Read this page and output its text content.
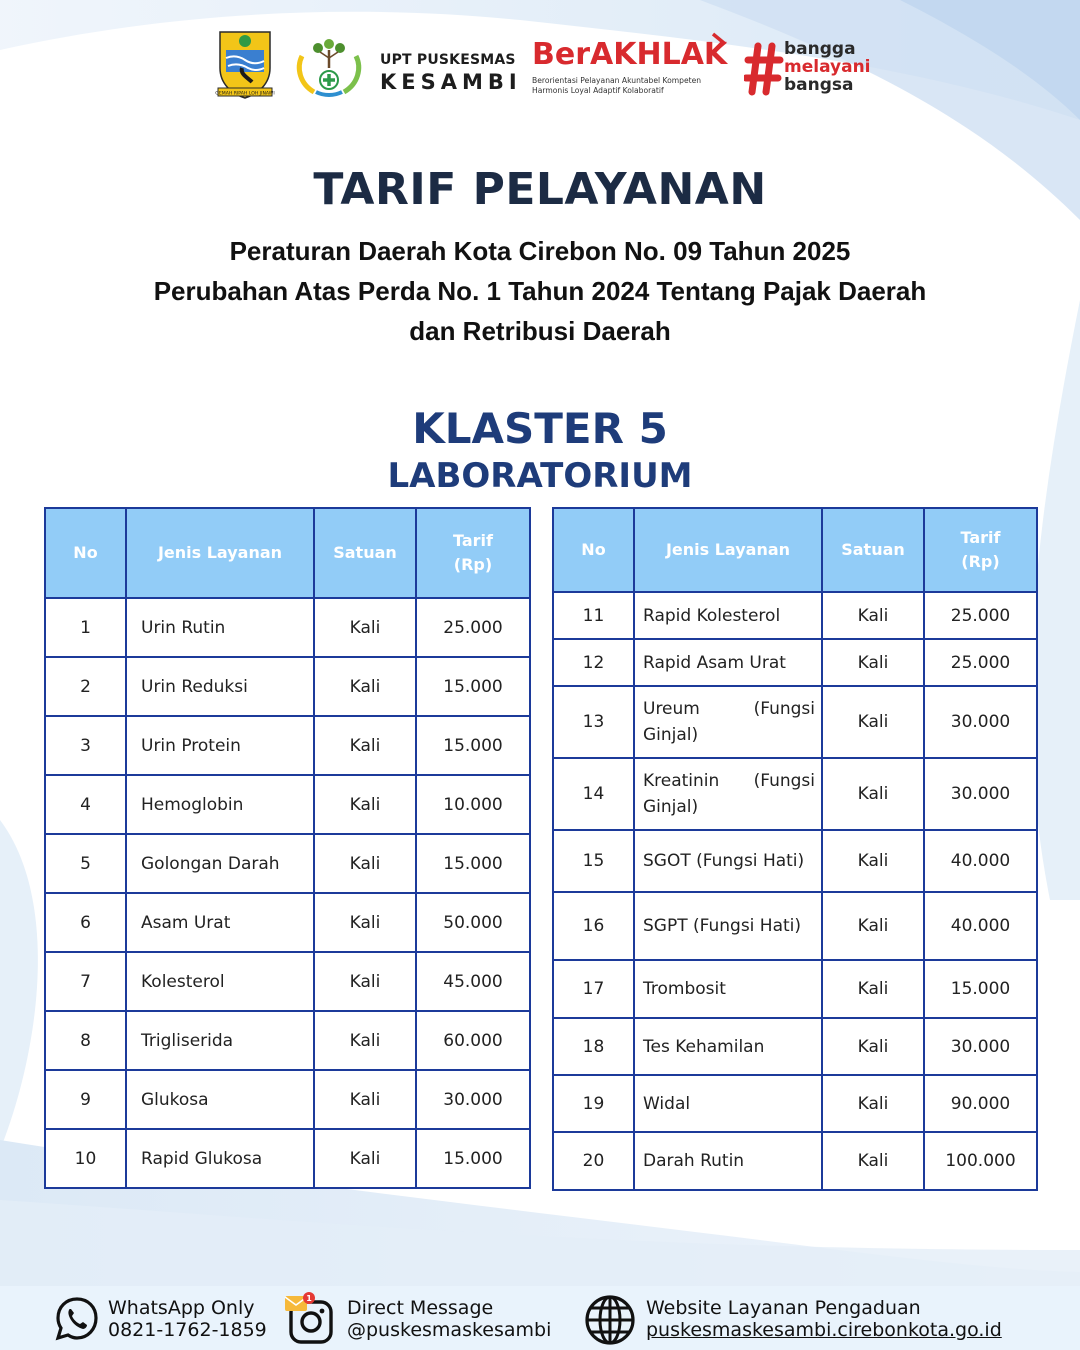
GEMAH RIPAH LOH JINAWI
UPT PUSKESMAS
KESAMBI
BerAKHLAK
Berorientasi Pelayanan Akuntabel Kompeten
Harmonis Loyal Adaptif Kolaboratif
bangga
melayani
bangsa
TARIF PELAYANAN
Peraturan Daerah Kota Cirebon No. 09 Tahun 2025
Perubahan Atas Perda No. 1 Tahun 2024 Tentang Pajak Daerah
dan Retribusi Daerah
KLASTER 5
LABORATORIUM
No	Jenis Layanan	Satuan	Tarif
(Rp)

1	Urin Rutin	Kali	25.000
2	Urin Reduksi	Kali	15.000
3	Urin Protein	Kali	15.000
4	Hemoglobin	Kali	10.000
5	Golongan Darah	Kali	15.000
6	Asam Urat	Kali	50.000
7	Kolesterol	Kali	45.000
8	Trigliserida	Kali	60.000
9	Glukosa	Kali	30.000
10	Rapid Glukosa	Kali	15.000
No	Jenis Layanan	Satuan	Tarif
(Rp)

11	Rapid Kolesterol	Kali	25.000
12	Rapid Asam Urat	Kali	25.000
13	Ureum (Fungsi Ginjal)	Kali	30.000
14	Kreatinin (Fungsi Ginjal)	Kali	30.000
15	SGOT (Fungsi Hati)	Kali	40.000
16	SGPT (Fungsi Hati)	Kali	40.000
17	Trombosit	Kali	15.000
18	Tes Kehamilan	Kali	30.000
19	Widal	Kali	90.000
20	Darah Rutin	Kali	100.000
WhatsApp Only
0821-1762-1859
1 Direct Message
@puskesmaskesambi
Website Layanan Pengaduan
puskesmaskesambi.cirebonkota.go.id
